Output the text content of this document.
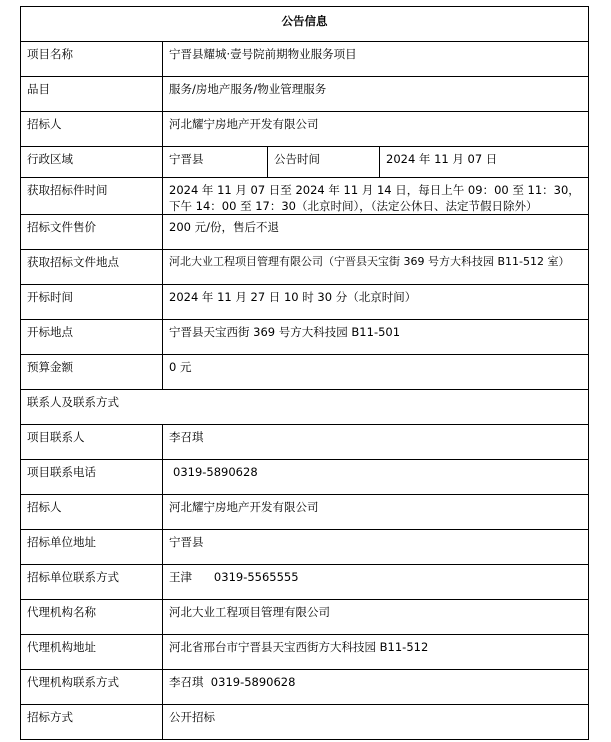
公告信息			
项目名称	宁晋县耀城·壹号院前期物业服务项目		
品目	服务/房地产服务/物业管理服务		
招标人	河北耀宁房地产开发有限公司		
行政区域	宁晋县	公告时间	2024 年 11 月 07 日
获取招标件时间	2024 年 11 月 07 日至 2024 年 11 月 14 日，每日上午 09：00 至 11：30，下午 14：00 至 17：30（北京时间），（法定公休日、法定节假日除外）		
招标文件售价	200 元/份，售后不退		
获取招标文件地点	河北大业工程项目管理有限公司（宁晋县天宝街 369 号方大科技园 B11-512 室）		
开标时间	2024 年 11 月 27 日 10 时 30 分（北京时间）		
开标地点	宁晋县天宝西街 369 号方大科技园 B11-501		
预算金额	0 元		
联系人及联系方式			
项目联系人	李召琪		
项目联系电话	0319-5890628		
招标人	河北耀宁房地产开发有限公司		
招标单位地址	宁晋县		
招标单位联系方式	王津      0319-5565555		
代理机构名称	河北大业工程项目管理有限公司		
代理机构地址	河北省邢台市宁晋县天宝西街方大科技园 B11-512		
代理机构联系方式	李召琪  0319-5890628		
招标方式	公开招标		
